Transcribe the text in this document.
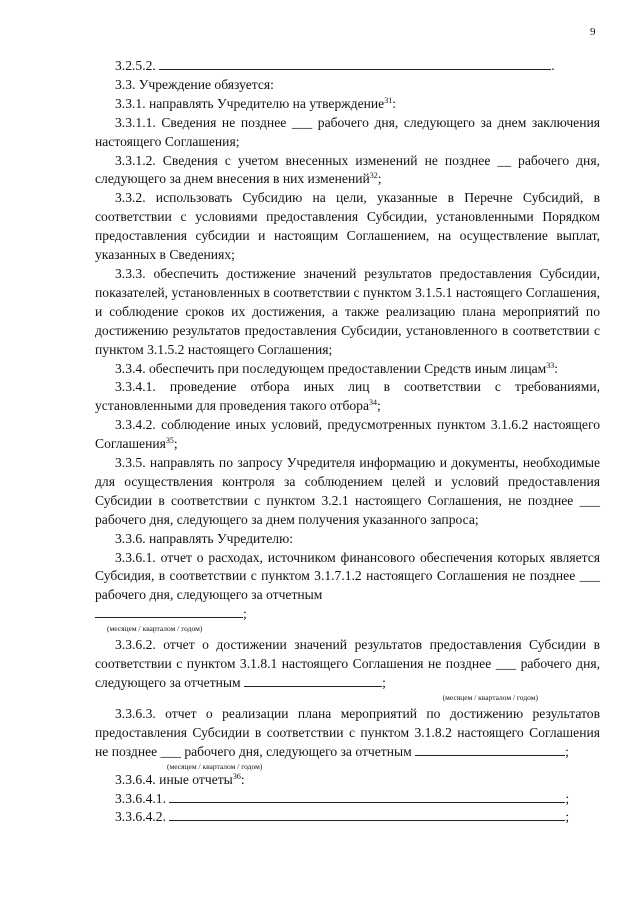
9

3.2.5.2.	.

3.3. Учреждение обязуется:

3.3.1. направлять Учредителю на утверждение$^{31}$:

3.3.1.1. Сведения не позднее ___ рабочего дня, следующего за днем заключения настоящего Соглашения;

3.3.1.2. Сведения с учетом внесенных изменений не позднее __ рабочего дня, следующего за днем внесения в них изменений$^{32}$;

3.3.2. использовать Субсидию на цели, указанные в Перечне Субсидий, в соответствии с условиями предоставления Субсидии, установленными Порядком предоставления субсидии и настоящим Соглашением, на осуществление выплат, указанных в Сведениях;

3.3.3. обеспечить достижение значений результатов предоставления Субсидии, показателей, установленных в соответствии с пунктом 3.1.5.1 настоящего Соглашения, и соблюдение сроков их достижения, а также реализацию плана мероприятий по достижению результатов предоставления Субсидии, установленного в соответствии с пунктом 3.1.5.2 настоящего Соглашения;

3.3.4. обеспечить при последующем предоставлении Средств иным лицам$^{33}$:

3.3.4.1. проведение отбора иных лиц в соответствии с требованиями, установленными для проведения такого отбора$^{34}$;

3.3.4.2. соблюдение иных условий, предусмотренных пунктом 3.1.6.2 настоящего Соглашения$^{35}$;

3.3.5. направлять по запросу Учредителя информацию и документы, необходимые для осуществления контроля за соблюдением целей и условий предоставления Субсидии в соответствии с пунктом 3.2.1 настоящего Соглашения, не позднее ___ рабочего дня, следующего за днем получения указанного запроса;

3.3.6. направлять Учредителю:

3.3.6.1. отчет о расходах, источником финансового обеспечения которых является Субсидия, в соответствии с пунктом 3.1.7.1.2 настоящего Соглашения не позднее ___ рабочего дня, следующего за отчетным

;

(месяцем / кварталом / годом)

3.3.6.2. отчет о достижении значений результатов предоставления Субсидии в соответствии с пунктом 3.1.8.1 настоящего Соглашения не позднее ___ рабочего дня, следующего за отчетным	;

(месяцем / кварталом / годом)

3.3.6.3. отчет о реализации плана мероприятий по достижению результатов предоставления Субсидии в соответствии с пунктом 3.1.8.2 настоящего Соглашения не позднее ___ рабочего дня, следующего за отчетным	;

(месяцем / кварталом / годом)

3.3.6.4. иные отчеты$^{36}$:

3.3.6.4.1.	;

3.3.6.4.2.	;
